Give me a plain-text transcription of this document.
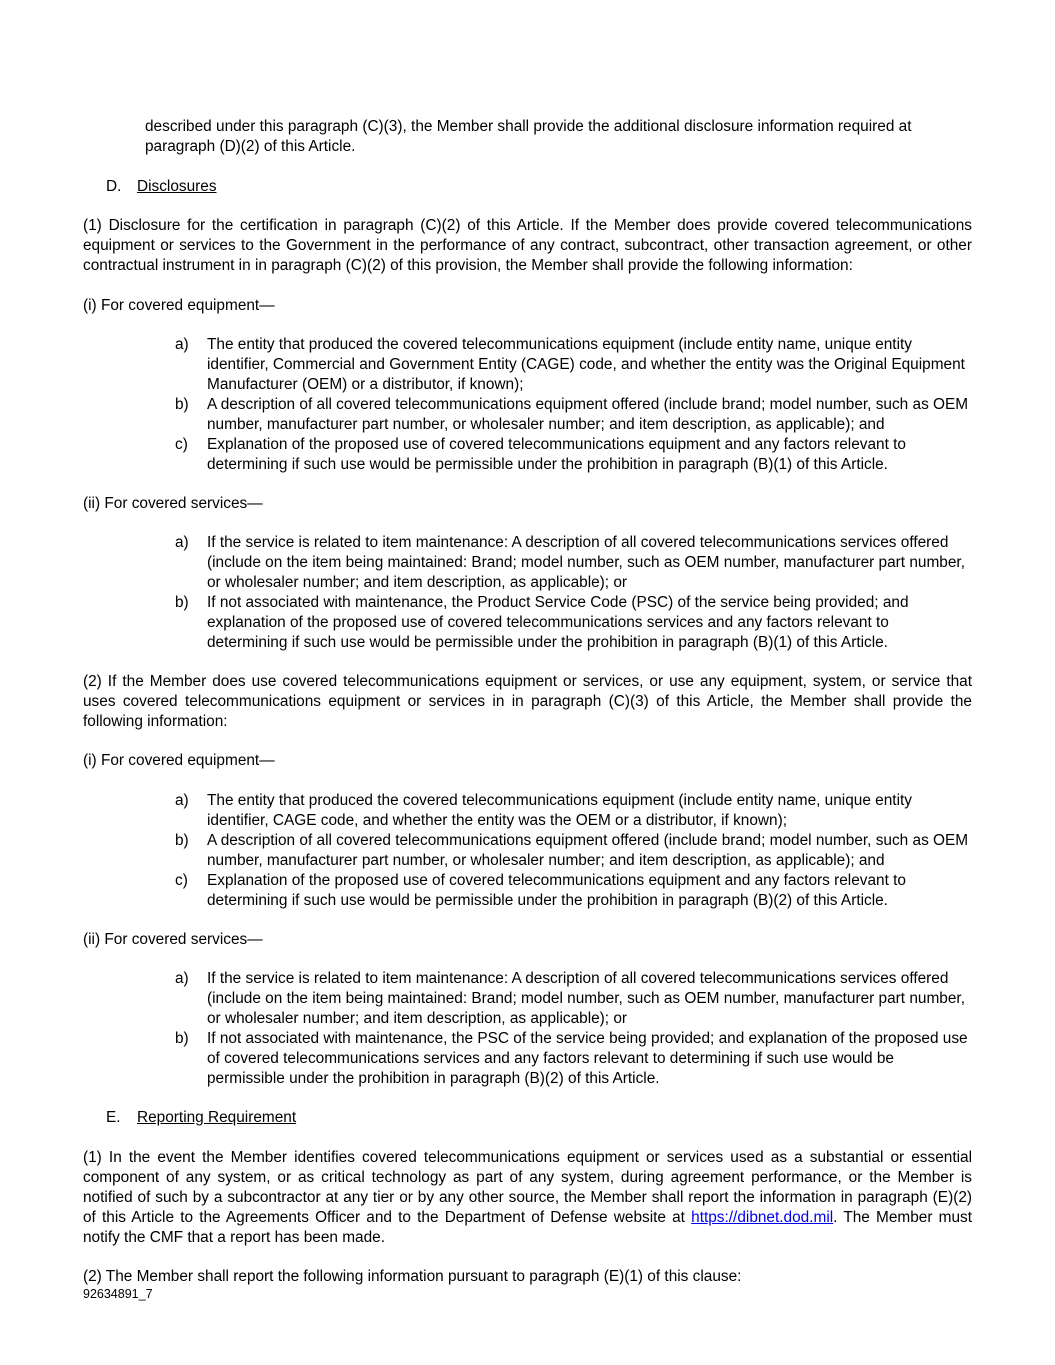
described under this paragraph (C)(3), the Member shall provide the additional disclosure information required at paragraph (D)(2) of this Article.

D. Disclosures

(1) Disclosure for the certification in paragraph (C)(2) of this Article. If the Member does provide covered telecommunications equipment or services to the Government in the performance of any contract, subcontract, other transaction agreement, or other contractual instrument in in paragraph (C)(2) of this provision, the Member shall provide the following information:

(i) For covered equipment—

a) The entity that produced the covered telecommunications equipment (include entity name, unique entity identifier, Commercial and Government Entity (CAGE) code, and whether the entity was the Original Equipment Manufacturer (OEM) or a distributor, if known);
b) A description of all covered telecommunications equipment offered (include brand; model number, such as OEM number, manufacturer part number, or wholesaler number; and item description, as applicable); and
c) Explanation of the proposed use of covered telecommunications equipment and any factors relevant to determining if such use would be permissible under the prohibition in paragraph (B)(1) of this Article.

(ii) For covered services—

a) If the service is related to item maintenance: A description of all covered telecommunications services offered (include on the item being maintained: Brand; model number, such as OEM number, manufacturer part number, or wholesaler number; and item description, as applicable); or
b) If not associated with maintenance, the Product Service Code (PSC) of the service being provided; and explanation of the proposed use of covered telecommunications services and any factors relevant to determining if such use would be permissible under the prohibition in paragraph (B)(1) of this Article.

(2) If the Member does use covered telecommunications equipment or services, or use any equipment, system, or service that uses covered telecommunications equipment or services in in paragraph (C)(3) of this Article, the Member shall provide the following information:

(i) For covered equipment—

a) The entity that produced the covered telecommunications equipment (include entity name, unique entity identifier, CAGE code, and whether the entity was the OEM or a distributor, if known);
b) A description of all covered telecommunications equipment offered (include brand; model number, such as OEM number, manufacturer part number, or wholesaler number; and item description, as applicable); and
c) Explanation of the proposed use of covered telecommunications equipment and any factors relevant to determining if such use would be permissible under the prohibition in paragraph (B)(2) of this Article.

(ii) For covered services—

a) If the service is related to item maintenance: A description of all covered telecommunications services offered (include on the item being maintained: Brand; model number, such as OEM number, manufacturer part number, or wholesaler number; and item description, as applicable); or
b) If not associated with maintenance, the PSC of the service being provided; and explanation of the proposed use of covered telecommunications services and any factors relevant to determining if such use would be permissible under the prohibition in paragraph (B)(2) of this Article.

E. Reporting Requirement

(1) In the event the Member identifies covered telecommunications equipment or services used as a substantial or essential component of any system, or as critical technology as part of any system, during agreement performance, or the Member is notified of such by a subcontractor at any tier or by any other source, the Member shall report the information in paragraph (E)(2) of this Article to the Agreements Officer and to the Department of Defense website at https://dibnet.dod.mil. The Member must notify the CMF that a report has been made.

(2) The Member shall report the following information pursuant to paragraph (E)(1) of this clause:

92634891_7
